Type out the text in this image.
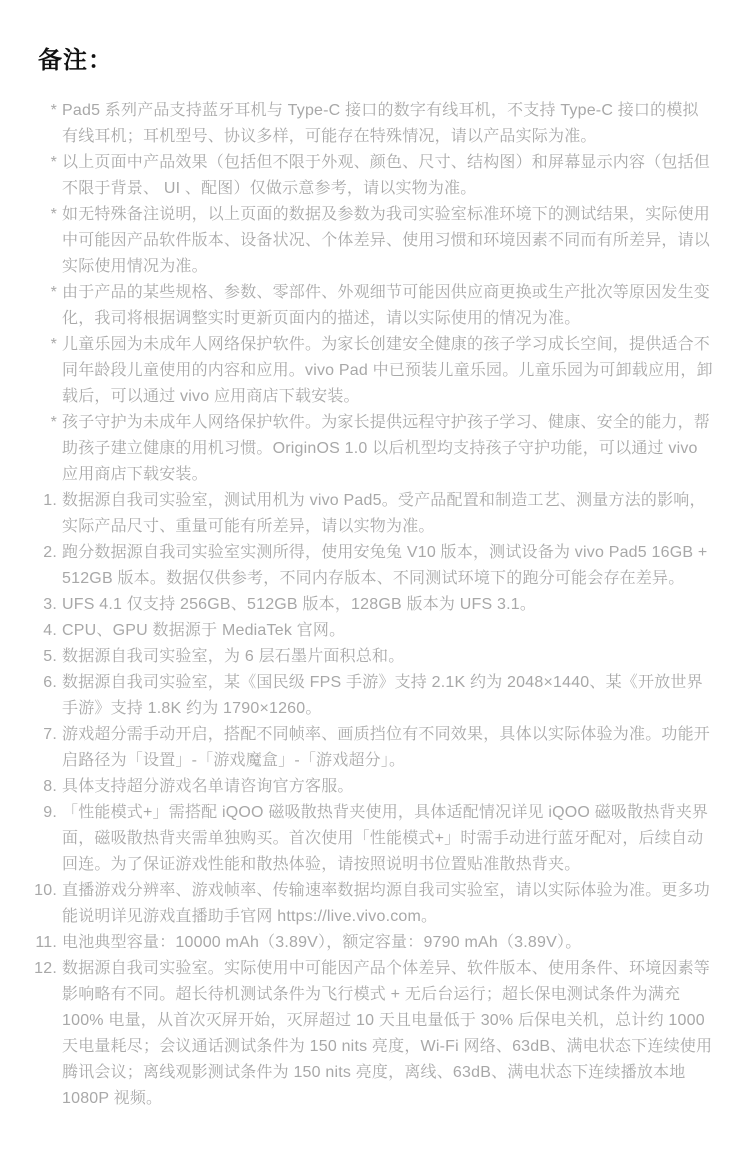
备注：
* Pad5 系列产品支持蓝牙耳机与 Type-C 接口的数字有线耳机，不支持 Type-C 接口的模拟有线耳机；耳机型号、协议多样，可能存在特殊情况，请以产品实际为准。
* 以上页面中产品效果（包括但不限于外观、颜色、尺寸、结构图）和屏幕显示内容（包括但不限于背景、 UI 、配图）仅做示意参考，请以实物为准。
* 如无特殊备注说明，以上页面的数据及参数为我司实验室标准环境下的测试结果，实际使用中可能因产品软件版本、设备状况、个体差异、使用习惯和环境因素不同而有所差异，请以实际使用情况为准。
* 由于产品的某些规格、参数、零部件、外观细节可能因供应商更换或生产批次等原因发生变化，我司将根据调整实时更新页面内的描述，请以实际使用的情况为准。
* 儿童乐园为未成年人网络保护软件。为家长创建安全健康的孩子学习成长空间，提供适合不同年龄段儿童使用的内容和应用。vivo Pad 中已预装儿童乐园。儿童乐园为可卸载应用，卸载后，可以通过 vivo 应用商店下载安装。
* 孩子守护为未成年人网络保护软件。为家长提供远程守护孩子学习、健康、安全的能力，帮助孩子建立健康的用机习惯。OriginOS 1.0 以后机型均支持孩子守护功能，可以通过 vivo 应用商店下载安装。
1. 数据源自我司实验室，测试用机为 vivo Pad5。受产品配置和制造工艺、测量方法的影响，实际产品尺寸、重量可能有所差异，请以实物为准。
2. 跑分数据源自我司实验室实测所得，使用安兔兔 V10 版本，测试设备为 vivo Pad5 16GB + 512GB 版本。数据仅供参考，不同内存版本、不同测试环境下的跑分可能会存在差异。
3. UFS 4.1 仅支持 256GB、512GB 版本，128GB 版本为 UFS 3.1。
4. CPU、GPU 数据源于 MediaTek 官网。
5. 数据源自我司实验室，为 6 层石墨片面积总和。
6. 数据源自我司实验室，某《国民级 FPS 手游》支持 2.1K 约为 2048×1440、某《开放世界手游》支持 1.8K 约为 1790×1260。
7. 游戏超分需手动开启，搭配不同帧率、画质挡位有不同效果，具体以实际体验为准。功能开启路径为「设置」-「游戏魔盒」-「游戏超分」。
8. 具体支持超分游戏名单请咨询官方客服。
9. 「性能模式+」需搭配 iQOO 磁吸散热背夹使用，具体适配情况详见 iQOO 磁吸散热背夹界面，磁吸散热背夹需单独购买。首次使用「性能模式+」时需手动进行蓝牙配对，后续自动回连。为了保证游戏性能和散热体验，请按照说明书位置贴准散热背夹。
10. 直播游戏分辨率、游戏帧率、传输速率数据均源自我司实验室，请以实际体验为准。更多功能说明详见游戏直播助手官网 https://live.vivo.com。
11. 电池典型容量：10000 mAh（3.89V），额定容量：9790 mAh（3.89V）。
12. 数据源自我司实验室。实际使用中可能因产品个体差异、软件版本、使用条件、环境因素等影响略有不同。超长待机测试条件为飞行模式 + 无后台运行；超长保电测试条件为满充 100% 电量，从首次灭屏开始，灭屏超过 10 天且电量低于 30% 后保电关机，总计约 1000 天电量耗尽；会议通话测试条件为 150 nits 亮度，Wi-Fi 网络、63dB、满电状态下连续使用腾讯会议；离线观影测试条件为 150 nits 亮度，离线、63dB、满电状态下连续播放本地 1080P 视频。
